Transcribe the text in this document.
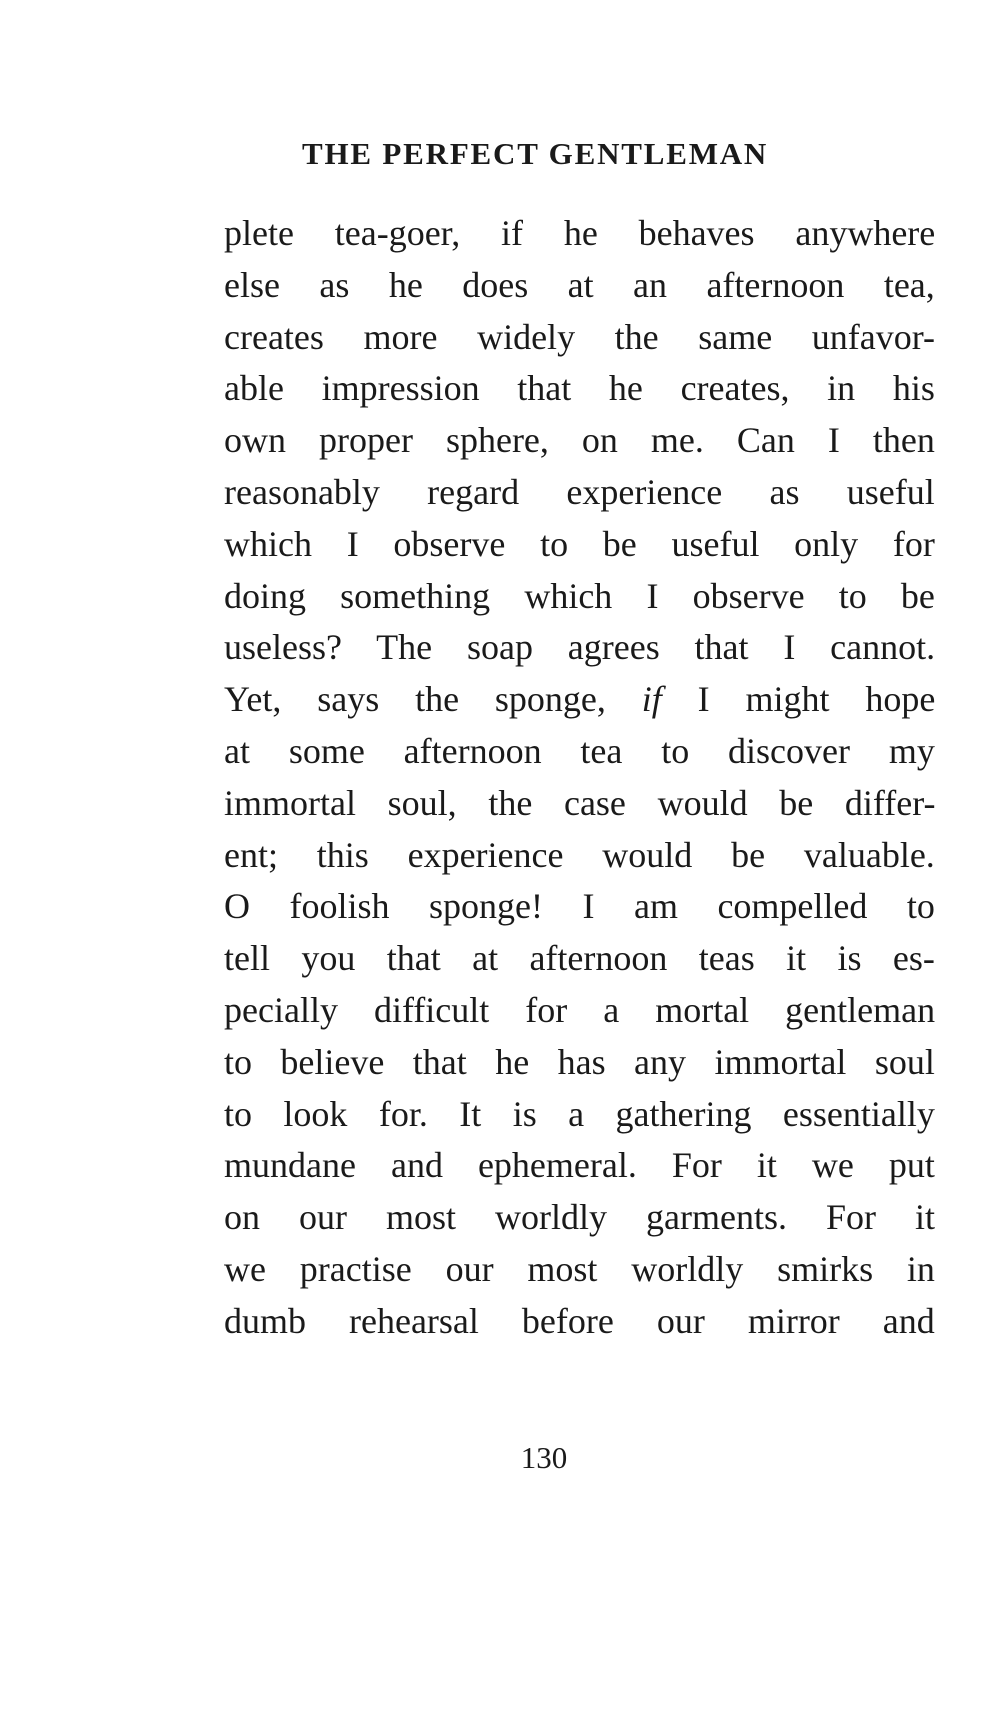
THE PERFECT GENTLEMAN
plete tea-goer, if he behaves anywhere
else as he does at an afternoon tea,
creates more widely the same unfavor-
able impression that he creates, in his
own proper sphere, on me. Can I then
reasonably regard experience as useful
which I observe to be useful only for
doing something which I observe to be
useless? The soap agrees that I cannot.
Yet, says the sponge, if I might hope
at some afternoon tea to discover my
immortal soul, the case would be differ-
ent; this experience would be valuable.
O foolish sponge! I am compelled to
tell you that at afternoon teas it is es-
pecially difficult for a mortal gentleman
to believe that he has any immortal soul
to look for. It is a gathering essentially
mundane and ephemeral. For it we put
on our most worldly garments. For it
we practise our most worldly smirks in
dumb rehearsal before our mirror and
130
